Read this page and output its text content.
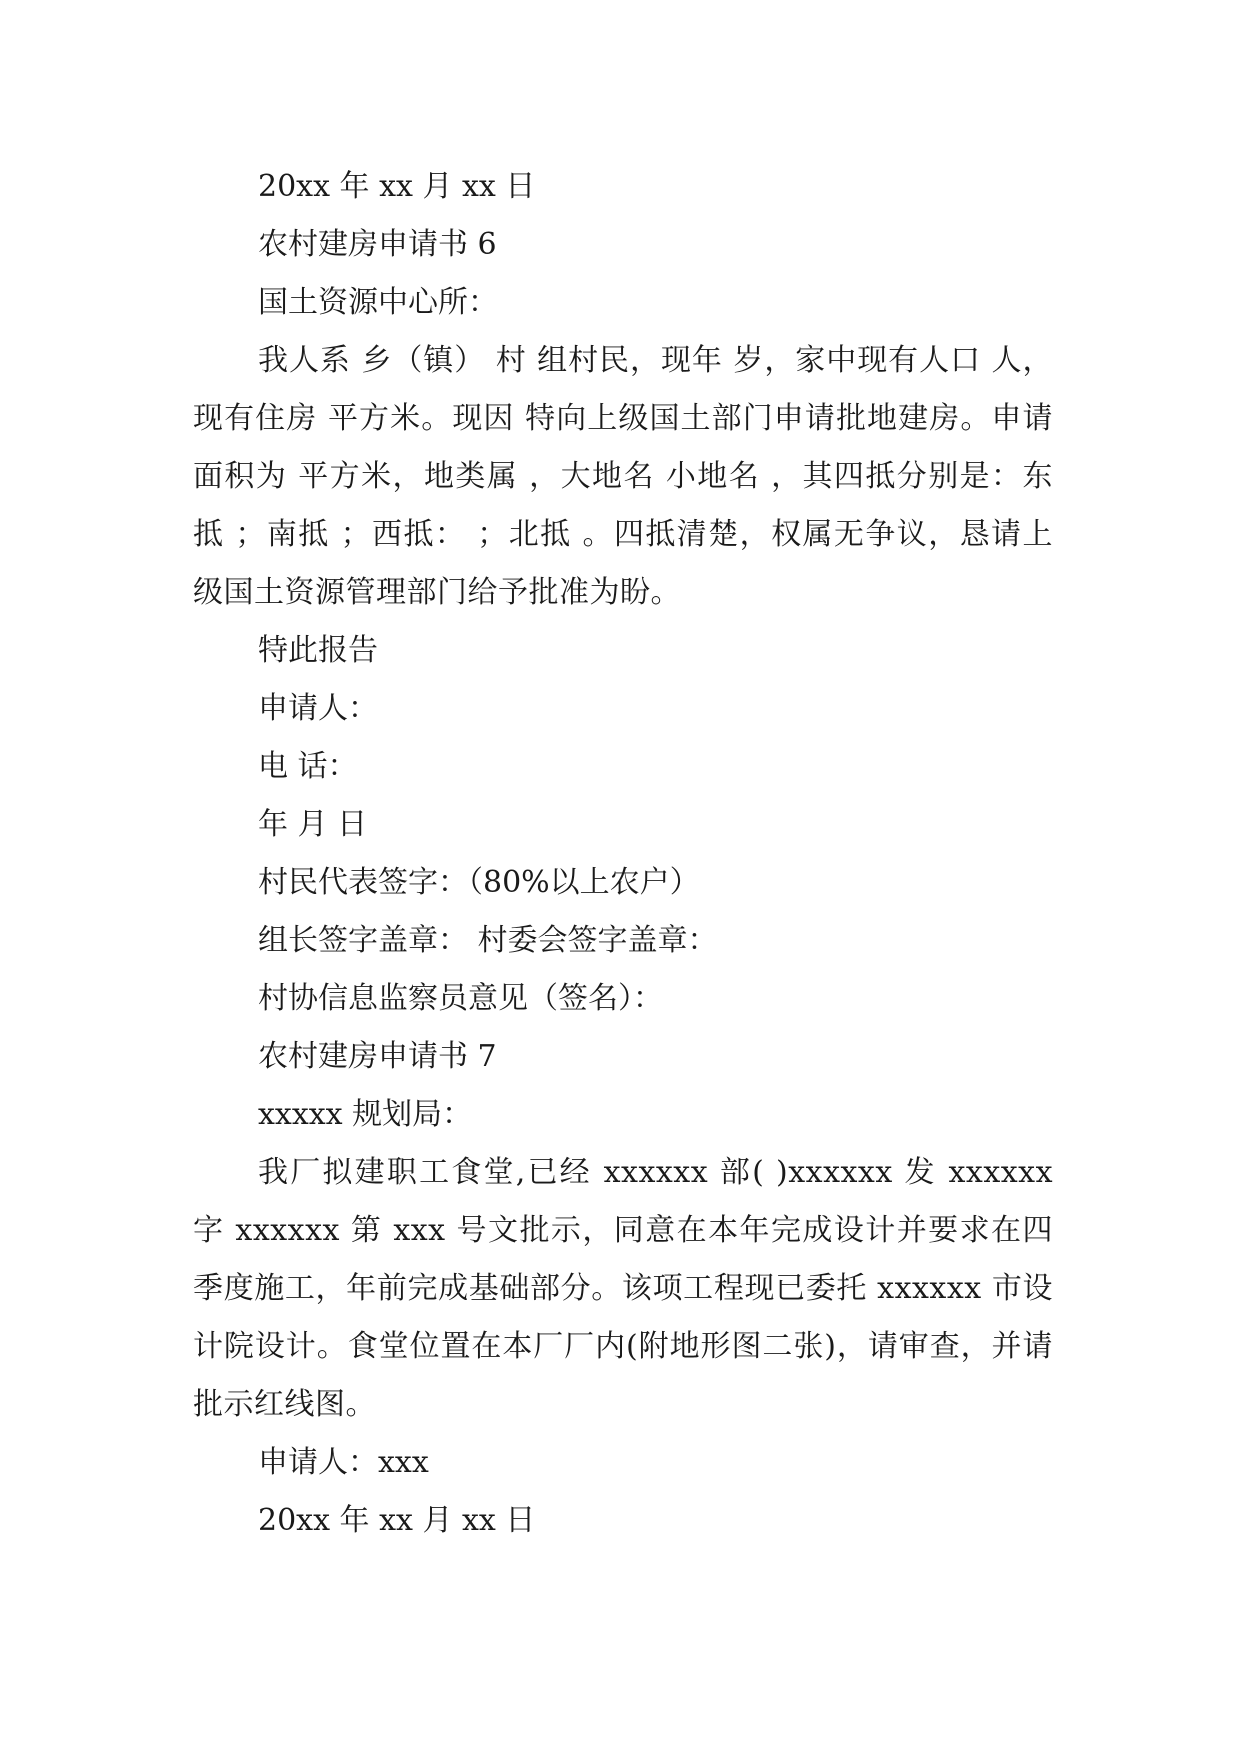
20xx 年 xx 月 xx 日
农村建房申请书 6
国土资源中心所：

我人系 乡（镇） 村 组村民，现年 岁，家中现有人口 人，现有住房 平方米。现因 特向上级国土部门申请批地建房。申请面积为 平方米，地类属 ，大地名 小地名 ，其四抵分别是：东抵 ；南抵 ；西抵： ；北抵 。四抵清楚，权属无争议，恳请上级国土资源管理部门给予批准为盼。

特此报告
申请人：
电 话：
年 月 日
村民代表签字：（80%以上农户）
组长签字盖章： 村委会签字盖章：
村协信息监察员意见（签名）：
农村建房申请书 7
xxxxx 规划局：

我厂拟建职工食堂,已经 xxxxxx 部( )xxxxxx 发 xxxxxx 字 xxxxxx 第 xxx 号文批示，同意在本年完成设计并要求在四季度施工，年前完成基础部分。该项工程现已委托 xxxxxx 市设计院设计。食堂位置在本厂厂内(附地形图二张)，请审查，并请批示红线图。

申请人：xxx
20xx 年 xx 月 xx 日
